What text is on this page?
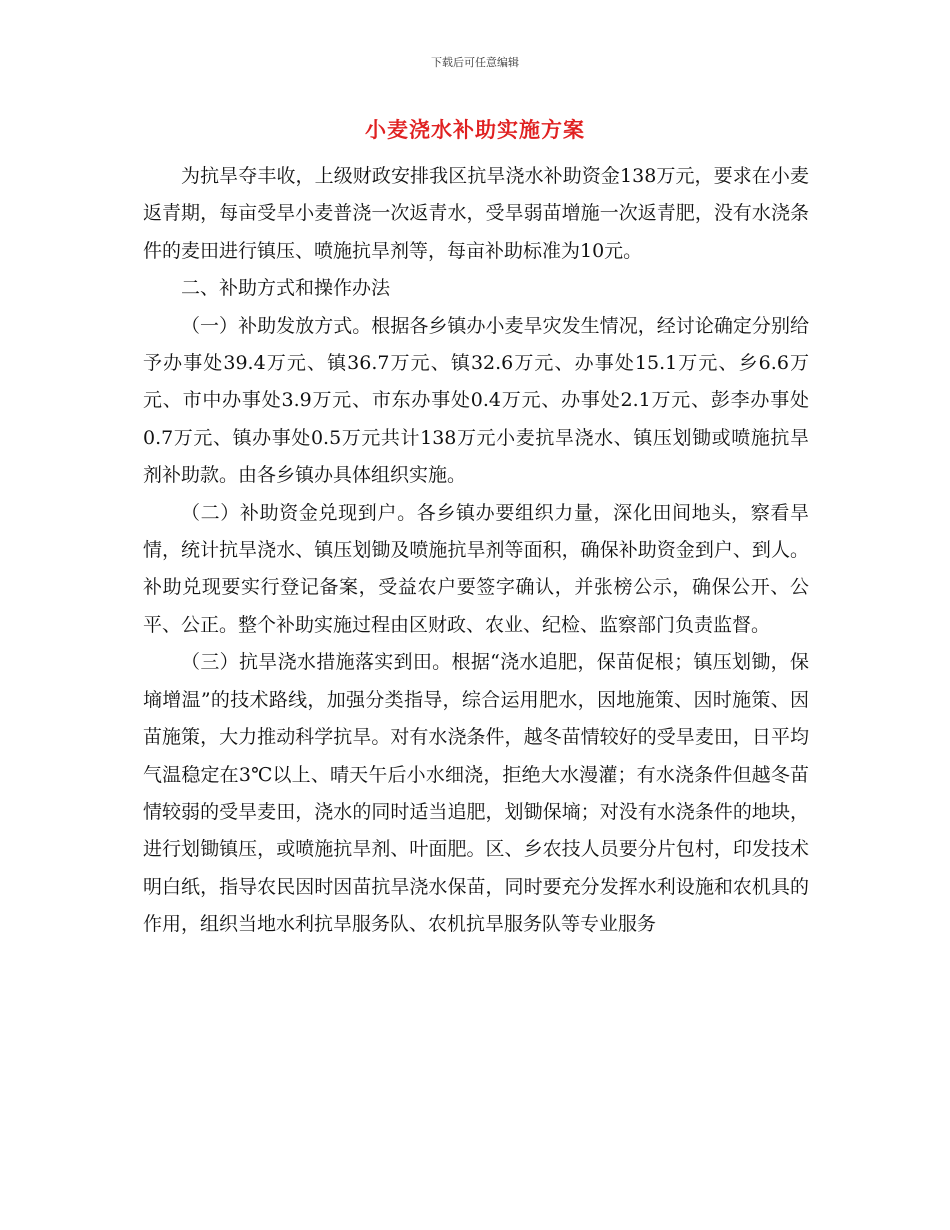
下载后可任意编辑
小麦浇水补助实施方案

为抗旱夺丰收，上级财政安排我区抗旱浇水补助资金138万元，要求在小麦返青期，每亩受旱小麦普浇一次返青水，受旱弱苗增施一次返青肥，没有水浇条件的麦田进行镇压、喷施抗旱剂等，每亩补助标准为10元。

二、补助方式和操作办法

（一）补助发放方式。根据各乡镇办小麦旱灾发生情况，经讨论确定分别给予办事处39.4万元、镇36.7万元、镇32.6万元、办事处15.1万元、乡6.6万元、市中办事处3.9万元、市东办事处0.4万元、办事处2.1万元、彭李办事处0.7万元、镇办事处0.5万元共计138万元小麦抗旱浇水、镇压划锄或喷施抗旱剂补助款。由各乡镇办具体组织实施。

（二）补助资金兑现到户。各乡镇办要组织力量，深化田间地头，察看旱情，统计抗旱浇水、镇压划锄及喷施抗旱剂等面积，确保补助资金到户、到人。补助兑现要实行登记备案，受益农户要签字确认，并张榜公示，确保公开、公平、公正。整个补助实施过程由区财政、农业、纪检、监察部门负责监督。

（三）抗旱浇水措施落实到田。根据“浇水追肥，保苗促根；镇压划锄，保墒增温”的技术路线，加强分类指导，综合运用肥水，因地施策、因时施策、因苗施策，大力推动科学抗旱。对有水浇条件，越冬苗情较好的受旱麦田，日平均气温稳定在3℃以上、晴天午后小水细浇，拒绝大水漫灌；有水浇条件但越冬苗情较弱的受旱麦田，浇水的同时适当追肥，划锄保墒；对没有水浇条件的地块，进行划锄镇压，或喷施抗旱剂、叶面肥。区、乡农技人员要分片包村，印发技术明白纸，指导农民因时因苗抗旱浇水保苗，同时要充分发挥水利设施和农机具的作用，组织当地水利抗旱服务队、农机抗旱服务队等专业服务
